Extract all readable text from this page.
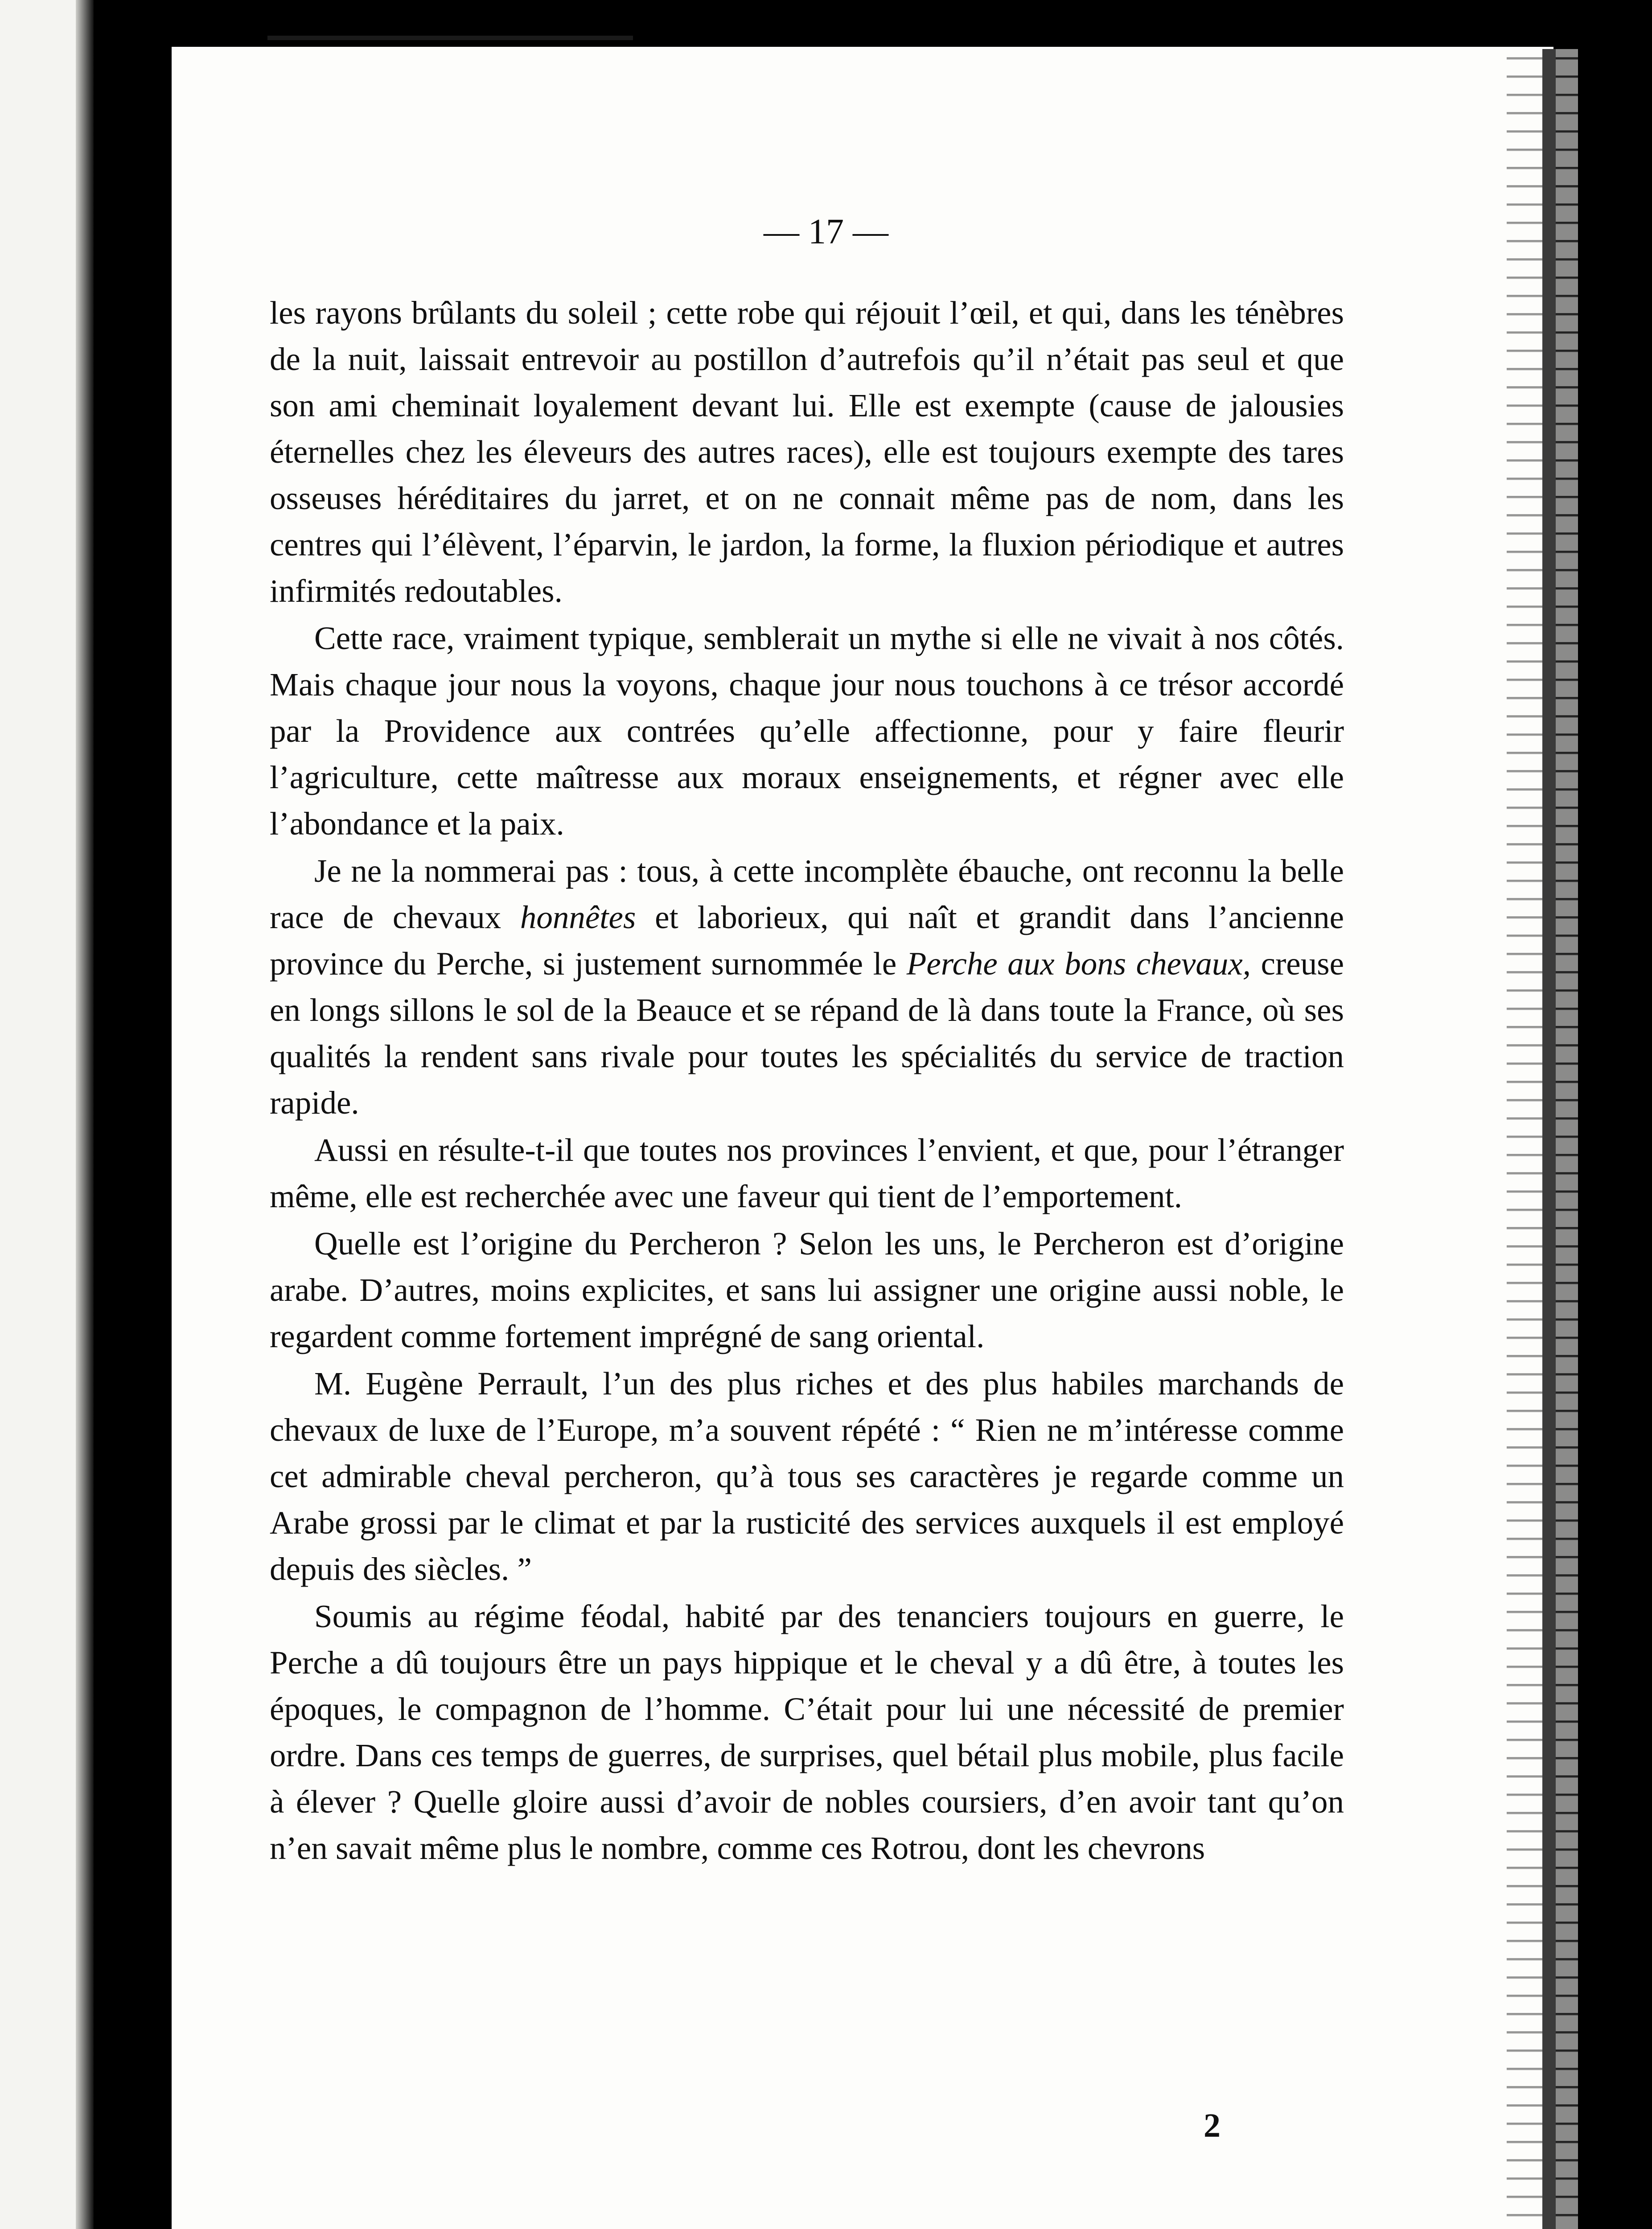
— 17 —

les rayons brûlants du soleil ; cette robe qui réjouit l’œil, et qui, dans les ténèbres de la nuit, laissait entrevoir au postillon d’autrefois qu’il n’était pas seul et que son ami cheminait loyalement devant lui. Elle est exempte (cause de jalousies éternelles chez les éleveurs des autres races), elle est toujours exempte des tares osseuses héréditaires du jarret, et on ne connait même pas de nom, dans les centres qui l’élèvent, l’éparvin, le jardon, la forme, la fluxion périodique et autres infirmités redoutables.

Cette race, vraiment typique, semblerait un mythe si elle ne vivait à nos côtés. Mais chaque jour nous la voyons, chaque jour nous touchons à ce trésor accordé par la Providence aux contrées qu’elle affectionne, pour y faire fleurir l’agriculture, cette maîtresse aux moraux enseignements, et régner avec elle l’abondance et la paix.

Je ne la nommerai pas : tous, à cette incomplète ébauche, ont reconnu la belle race de chevaux honnêtes et laborieux, qui naît et grandit dans l’ancienne province du Perche, si justement surnommée le Perche aux bons chevaux, creuse en longs sillons le sol de la Beauce et se répand de là dans toute la France, où ses qualités la rendent sans rivale pour toutes les spécialités du service de traction rapide.

Aussi en résulte-t-il que toutes nos provinces l’envient, et que, pour l’étranger même, elle est recherchée avec une faveur qui tient de l’emportement.

Quelle est l’origine du Percheron ? Selon les uns, le Percheron est d’origine arabe. D’autres, moins explicites, et sans lui assigner une origine aussi noble, le regardent comme fortement imprégné de sang oriental.

M. Eugène Perrault, l’un des plus riches et des plus habiles marchands de chevaux de luxe de l’Europe, m’a souvent répété : “ Rien ne m’intéresse comme cet admirable cheval percheron, qu’à tous ses caractères je regarde comme un Arabe grossi par le climat et par la rusticité des services auxquels il est employé depuis des siècles. ”

Soumis au régime féodal, habité par des tenanciers toujours en guerre, le Perche a dû toujours être un pays hippique et le cheval y a dû être, à toutes les époques, le compagnon de l’homme. C’était pour lui une nécessité de premier ordre. Dans ces temps de guerres, de surprises, quel bétail plus mobile, plus facile à élever ? Quelle gloire aussi d’avoir de nobles coursiers, d’en avoir tant qu’on n’en savait même plus le nombre, comme ces Rotrou, dont les chevrons

2
